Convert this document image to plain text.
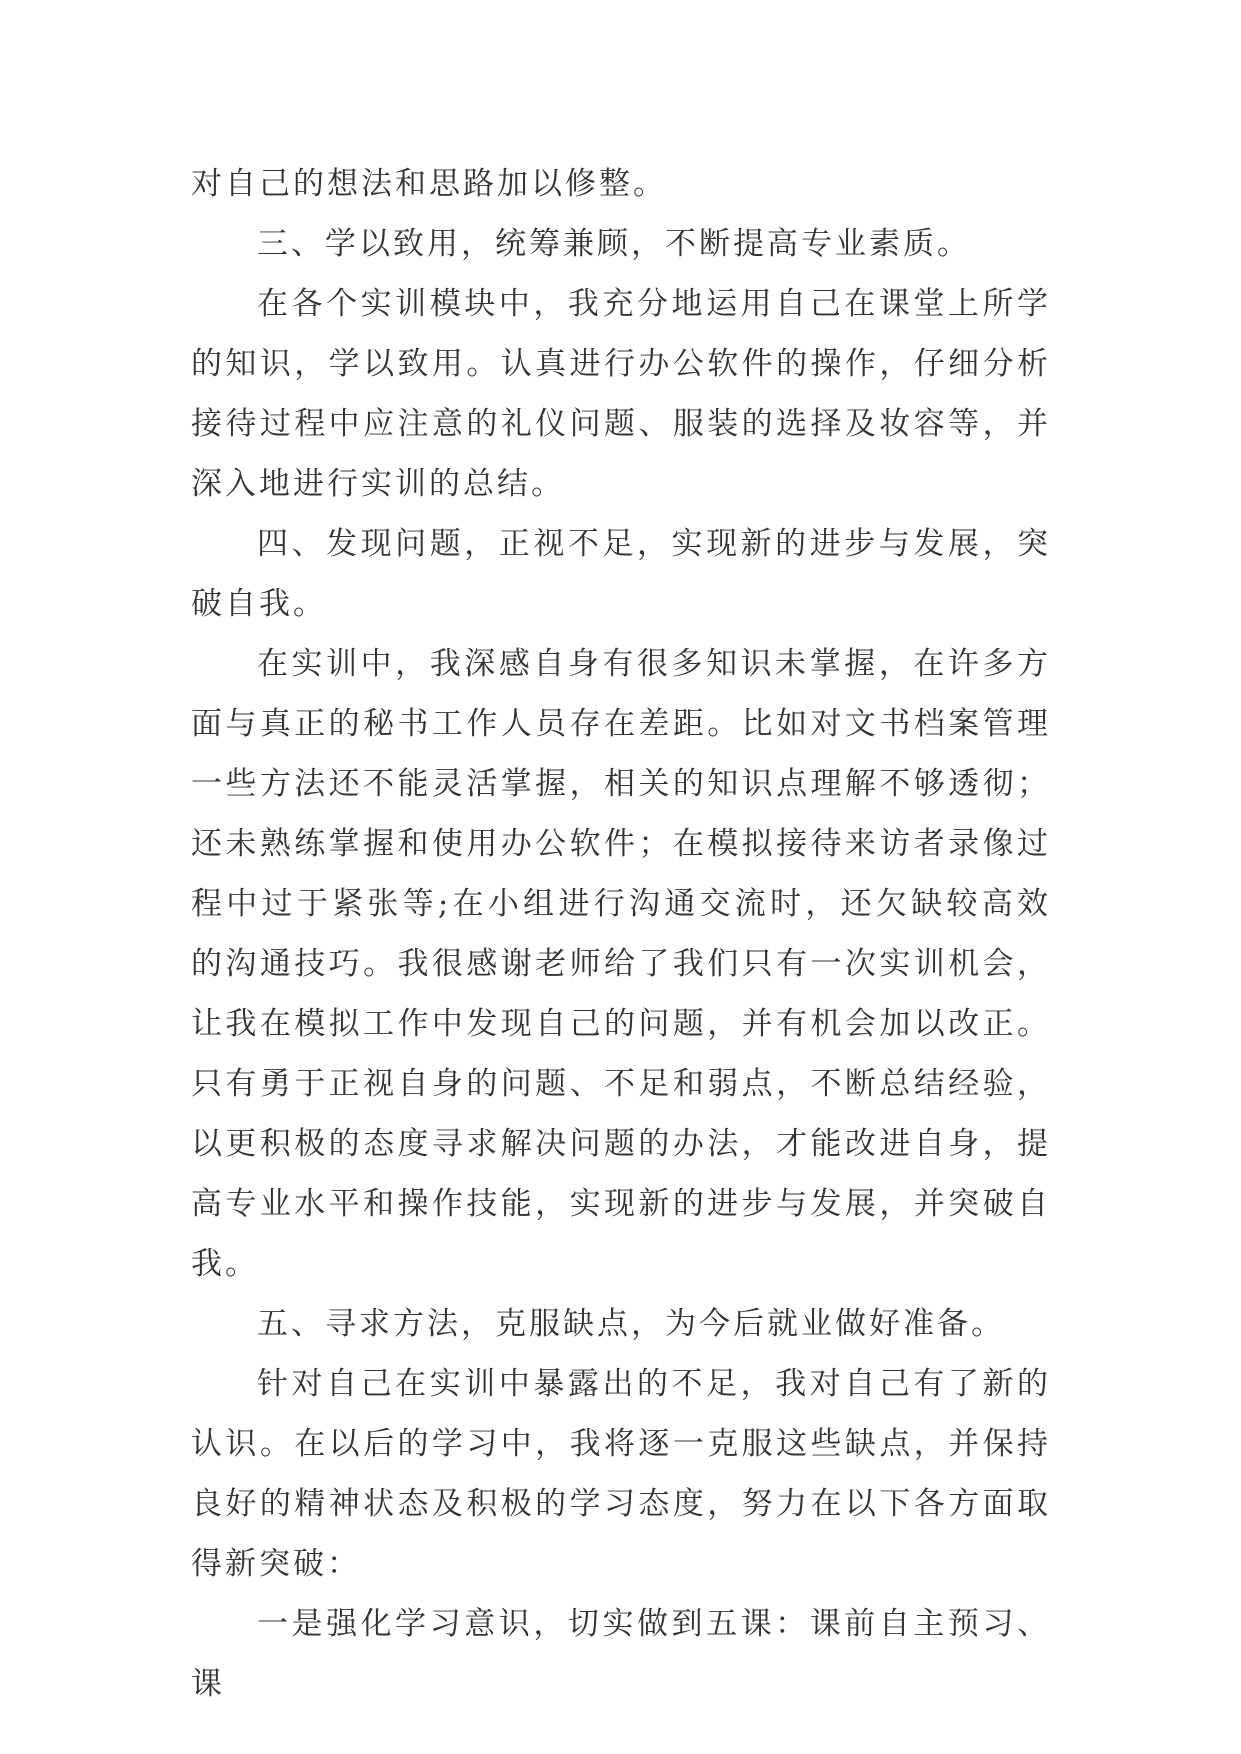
对自己的想法和思路加以修整。

三、学以致用，统筹兼顾，不断提高专业素质。

在各个实训模块中，我充分地运用自己在课堂上所学的知识，学以致用。认真进行办公软件的操作，仔细分析接待过程中应注意的礼仪问题、服装的选择及妆容等，并深入地进行实训的总结。

四、发现问题，正视不足，实现新的进步与发展，突破自我。

在实训中，我深感自身有很多知识未掌握，在许多方面与真正的秘书工作人员存在差距。比如对文书档案管理一些方法还不能灵活掌握，相关的知识点理解不够透彻；还未熟练掌握和使用办公软件；在模拟接待来访者录像过程中过于紧张等;在小组进行沟通交流时，还欠缺较高效的沟通技巧。我很感谢老师给了我们只有一次实训机会，让我在模拟工作中发现自己的问题，并有机会加以改正。只有勇于正视自身的问题、不足和弱点，不断总结经验，以更积极的态度寻求解决问题的办法，才能改进自身，提高专业水平和操作技能，实现新的进步与发展，并突破自我。

五、寻求方法，克服缺点，为今后就业做好准备。

针对自己在实训中暴露出的不足，我对自己有了新的认识。在以后的学习中，我将逐一克服这些缺点，并保持良好的精神状态及积极的学习态度，努力在以下各方面取得新突破：

一是强化学习意识，切实做到五课：课前自主预习、课
